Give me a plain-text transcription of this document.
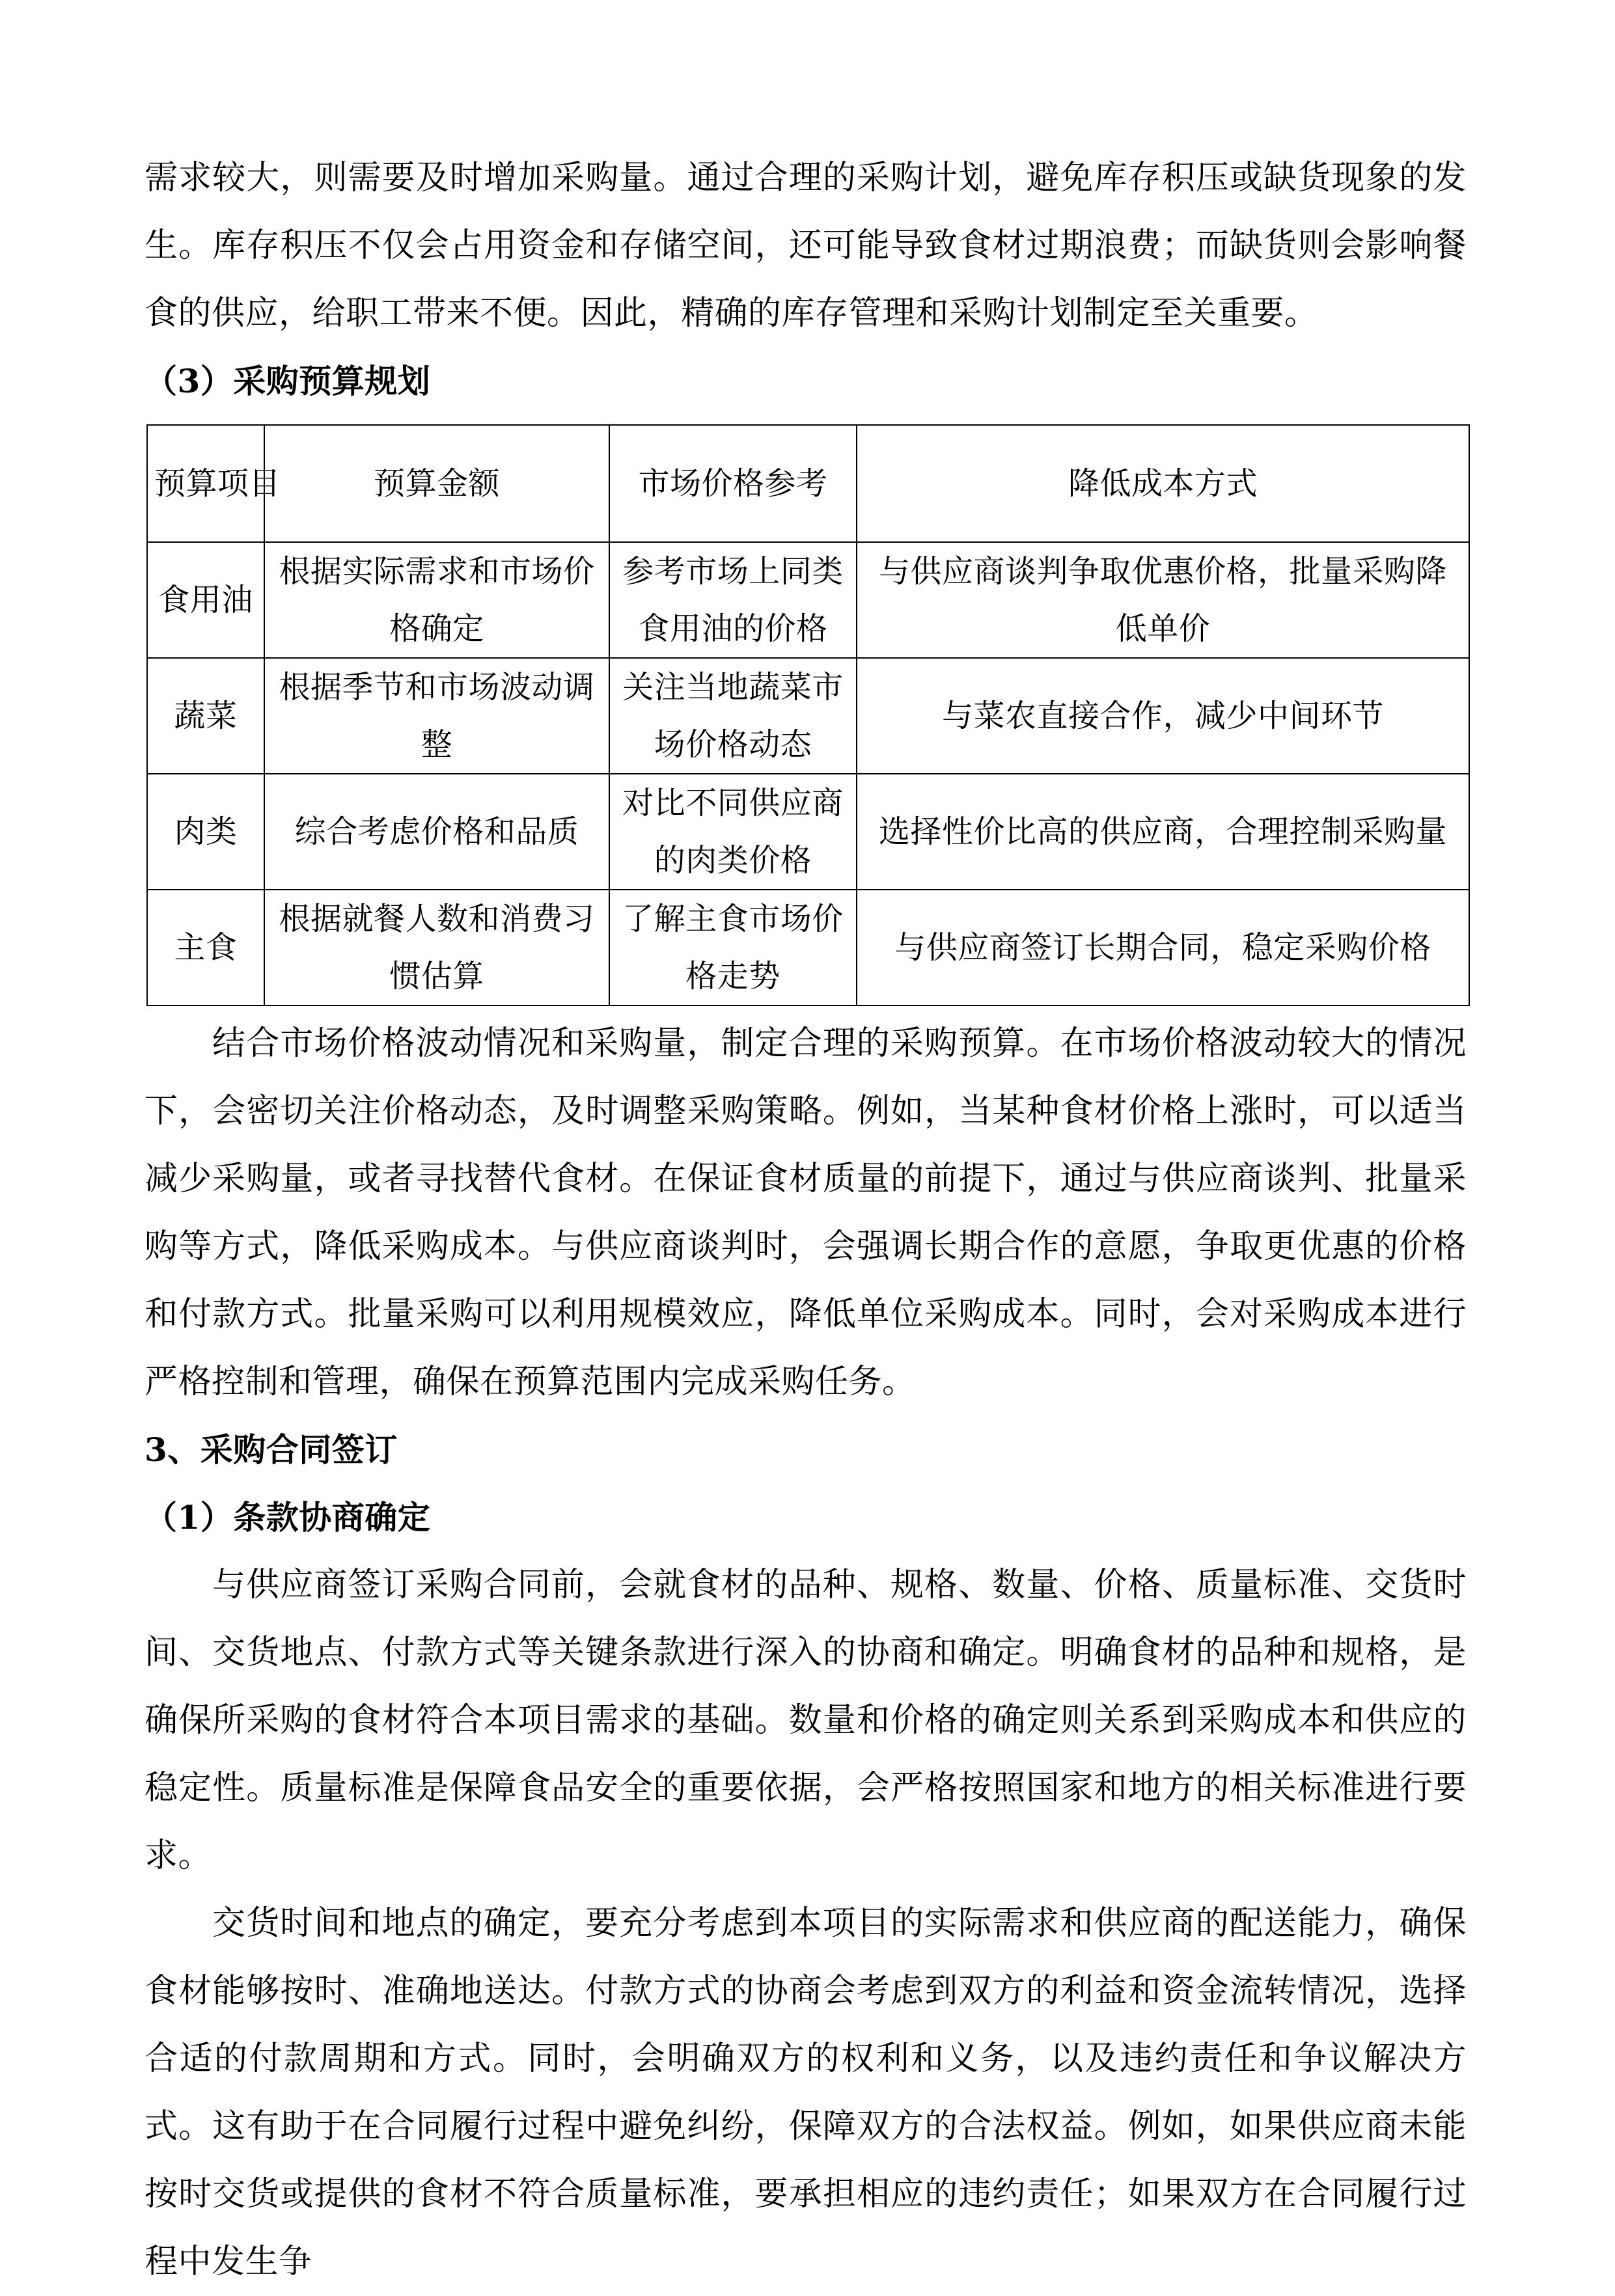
需求较大，则需要及时增加采购量。通过合理的采购计划，避免库存积压或缺货现象的发生。库存积压不仅会占用资金和存储空间，还可能导致食材过期浪费；而缺货则会影响餐食的供应，给职工带来不便。因此，精确的库存管理和采购计划制定至关重要。

（3）采购预算规划
预算项目	预算金额	市场价格参考	降低成本方式
食用油	根据实际需求和市场价格确定	参考市场上同类食用油的价格	与供应商谈判争取优惠价格，批量采购降低单价
蔬菜	根据季节和市场波动调整	关注当地蔬菜市场价格动态	与菜农直接合作，减少中间环节
肉类	综合考虑价格和品质	对比不同供应商的肉类价格	选择性价比高的供应商，合理控制采购量
主食	根据就餐人数和消费习惯估算	了解主食市场价格走势	与供应商签订长期合同，稳定采购价格

结合市场价格波动情况和采购量，制定合理的采购预算。在市场价格波动较大的情况下，会密切关注价格动态，及时调整采购策略。例如，当某种食材价格上涨时，可以适当减少采购量，或者寻找替代食材。在保证食材质量的前提下，通过与供应商谈判、批量采购等方式，降低采购成本。与供应商谈判时，会强调长期合作的意愿，争取更优惠的价格和付款方式。批量采购可以利用规模效应，降低单位采购成本。同时，会对采购成本进行严格控制和管理，确保在预算范围内完成采购任务。

3、采购合同签订
（1）条款协商确定

与供应商签订采购合同前，会就食材的品种、规格、数量、价格、质量标准、交货时间、交货地点、付款方式等关键条款进行深入的协商和确定。明确食材的品种和规格，是确保所采购的食材符合本项目需求的基础。数量和价格的确定则关系到采购成本和供应的稳定性。质量标准是保障食品安全的重要依据，会严格按照国家和地方的相关标准进行要求。

交货时间和地点的确定，要充分考虑到本项目的实际需求和供应商的配送能力，确保食材能够按时、准确地送达。付款方式的协商会考虑到双方的利益和资金流转情况，选择合适的付款周期和方式。同时，会明确双方的权利和义务，以及违约责任和争议解决方式。这有助于在合同履行过程中避免纠纷，保障双方的合法权益。例如，如果供应商未能按时交货或提供的食材不符合质量标准，要承担相应的违约责任；如果双方在合同履行过程中发生争
